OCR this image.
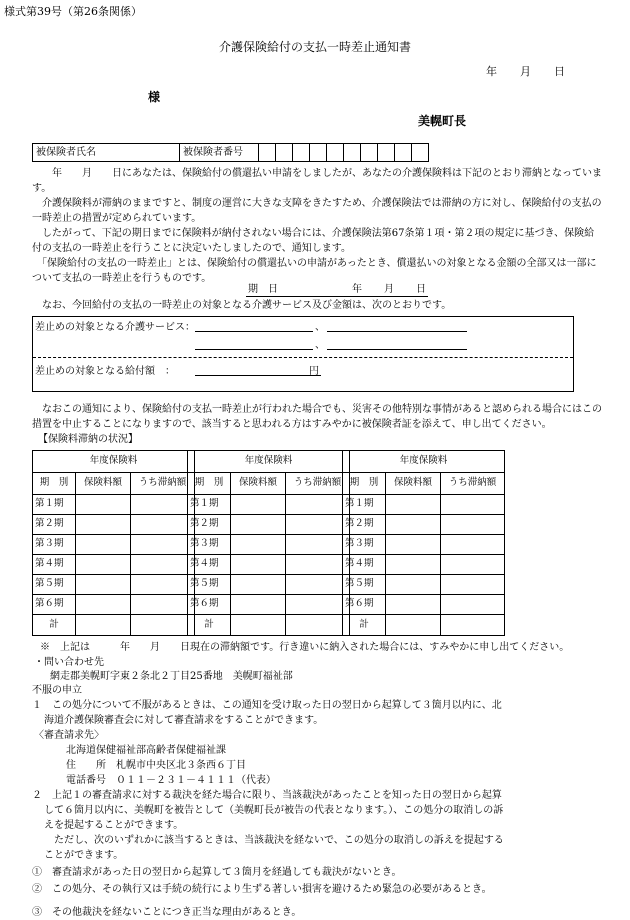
様式第39号（第26条関係）
介護保険給付の支払一時差止通知書
年 月 日
様
美幌町長
被保険者氏名	被保険者番号										

　　年　　月　　日にあなたは、保険給付の償還払い申請をしましたが、あなたの介護保険料は下記のとおり滞納となっています。

　介護保険料が滞納のままですと、制度の運営に大きな支障をきたすため、介護保険法では滞納の方に対し、保険給付の支払の一時差止の措置が定められています。

　したがって、下記の期日までに保険料が納付されない場合には、介護保険法第67条第１項・第２項の規定に基づき、保険給付の支払の一時差止を行うことに決定いたしましたので、通知します。

　「保険給付の支払の一時差止」とは、保険給付の償還払いの申請があったとき、償還払いの対象となる金額の全部又は一部について支払の一時差止を行うものです。

期　日	年 月 日
　なお、今回給付の支払の一時差止の対象となる介護サービス及び金額は、次のとおりです。
差止めの対象となる介護サービス：	、
、
差止めの対象となる給付額　：	円
　なおこの通知により、保険給付の支払一時差止が行われた場合でも、災害その他特別な事情があると認められる場合にはこの措置を中止することになりますので、該当すると思われる方はすみやかに被保険者証を添えて、申し出てください。
【保険料滞納の状況】
年度保険料		
期　別	保険料額	うち滞納額
第１期		
第２期		
第３期		
第４期		
第５期		
第６期		
計		
年度保険料		
期　別	保険料額	うち滞納額
第１期		
第２期		
第３期		
第４期		
第５期		
第６期		
計		
年度保険料		
期　別	保険料額	うち滞納額
第１期		
第２期		
第３期		
第４期		
第５期		
第６期		
計		
※　上記は　　　年　　月　　日現在の滞納額です。行き違いに納入された場合には、すみやかに申し出てください。
・問い合わせ先
網走郡美幌町字東２条北２丁目25番地　美幌町福祉部
不服の申立
１　この処分について不服があるときは、この通知を受け取った日の翌日から起算して３箇月以内に、北
海道介護保険審査会に対して審査請求をすることができます。
〈審査請求先〉
北海道保健福祉部高齢者保健福祉課
住　　所　札幌市中央区北３条西６丁目
電話番号　０１１－２３１－４１１１（代表）
２　上記１の審査請求に対する裁決を経た場合に限り、当該裁決があったことを知った日の翌日から起算
して６箇月以内に、美幌町を被告として（美幌町長が被告の代表となります。）、この処分の取消しの訴
えを提起することができます。
　ただし、次のいずれかに該当するときは、当該裁決を経ないで、この処分の取消しの訴えを提起する
ことができます。
①　審査請求があった日の翌日から起算して３箇月を経過しても裁決がないとき。
②　この処分、その執行又は手続の続行により生ずる著しい損害を避けるため緊急の必要があるとき。
③　その他裁決を経ないことにつき正当な理由があるとき。
